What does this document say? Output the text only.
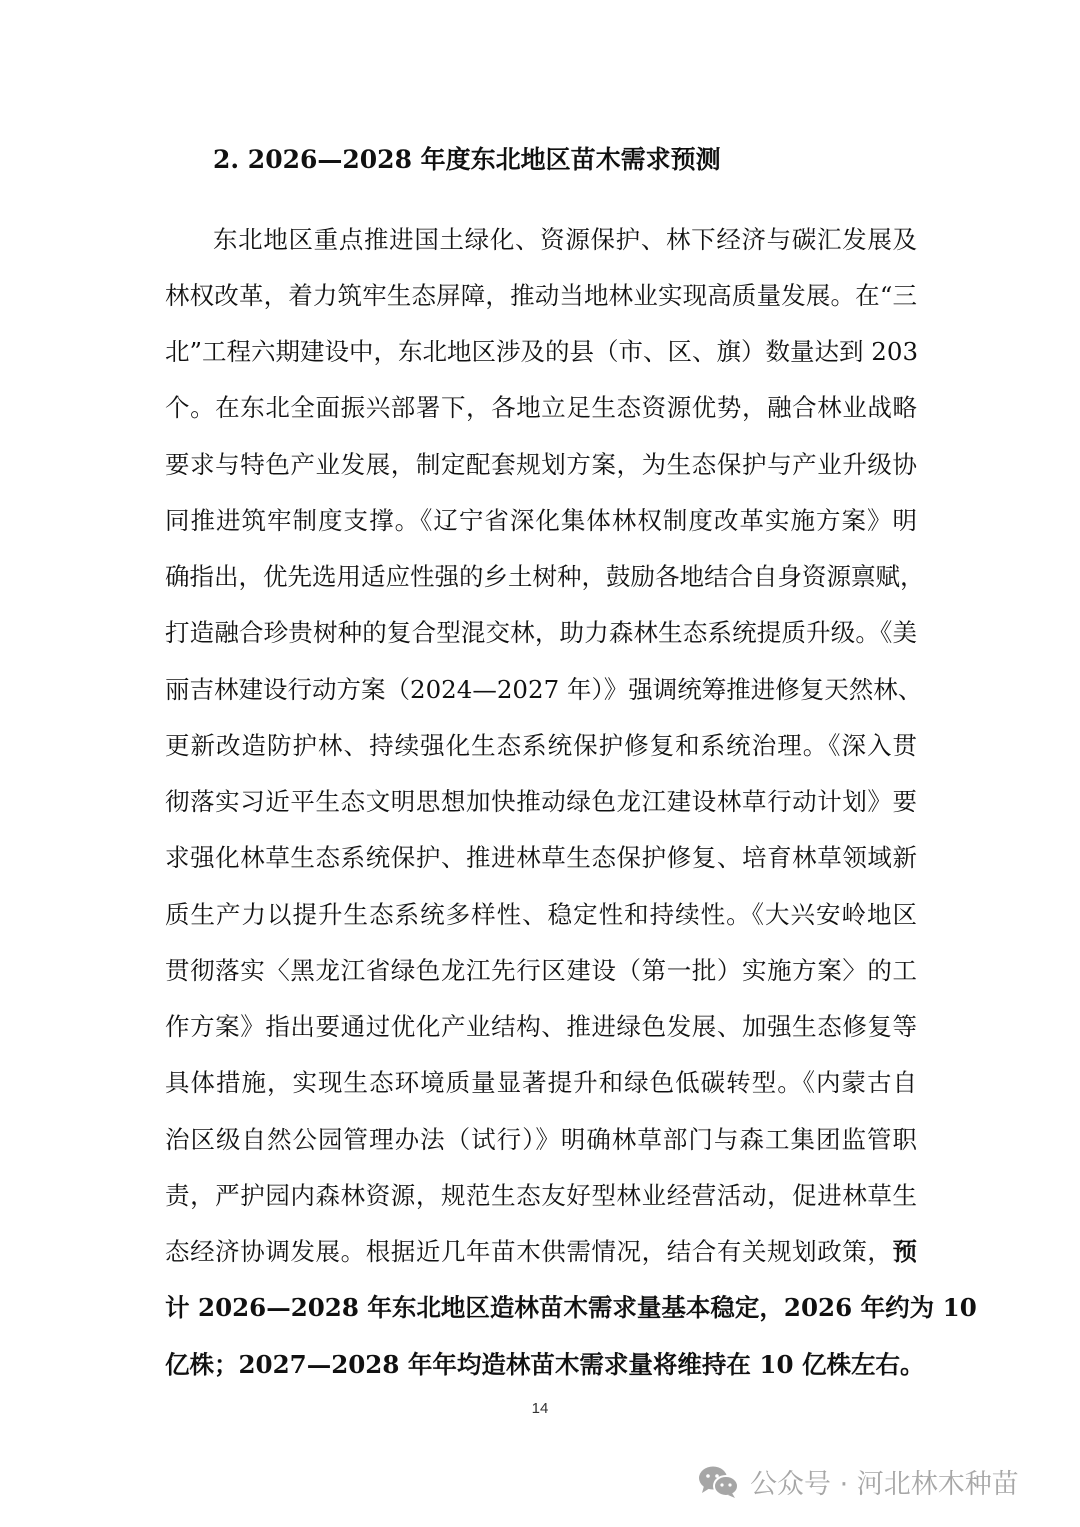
2. 2026—2028 年度东北地区苗木需求预测
东北地区重点推进国土绿化、资源保护、林下经济与碳汇发展及
林权改革，着力筑牢生态屏障，推动当地林业实现高质量发展。在“三
北”工程六期建设中，东北地区涉及的县（市、区、旗）数量达到 203
个。在东北全面振兴部署下，各地立足生态资源优势，融合林业战略
要求与特色产业发展，制定配套规划方案，为生态保护与产业升级协
同推进筑牢制度支撑。《辽宁省深化集体林权制度改革实施方案》明
确指出，优先选用适应性强的乡土树种，鼓励各地结合自身资源禀赋，
打造融合珍贵树种的复合型混交林，助力森林生态系统提质升级。《美
丽吉林建设行动方案（2024—2027 年）》强调统筹推进修复天然林、
更新改造防护林、持续强化生态系统保护修复和系统治理。《深入贯
彻落实习近平生态文明思想加快推动绿色龙江建设林草行动计划》要
求强化林草生态系统保护、推进林草生态保护修复、培育林草领域新
质生产力以提升生态系统多样性、稳定性和持续性。《大兴安岭地区
贯彻落实〈黑龙江省绿色龙江先行区建设（第一批）实施方案〉的工
作方案》指出要通过优化产业结构、推进绿色发展、加强生态修复等
具体措施，实现生态环境质量显著提升和绿色低碳转型。《内蒙古自
治区级自然公园管理办法（试行）》明确林草部门与森工集团监管职
责，严护园内森林资源，规范生态友好型林业经营活动，促进林草生
态经济协调发展。根据近几年苗木供需情况，结合有关规划政策，预
计 2026—2028 年东北地区造林苗木需求量基本稳定，2026 年约为 10
亿株；2027—2028 年年均造林苗木需求量将维持在 10 亿株左右。
14
公众号 · 河北林木种苗
